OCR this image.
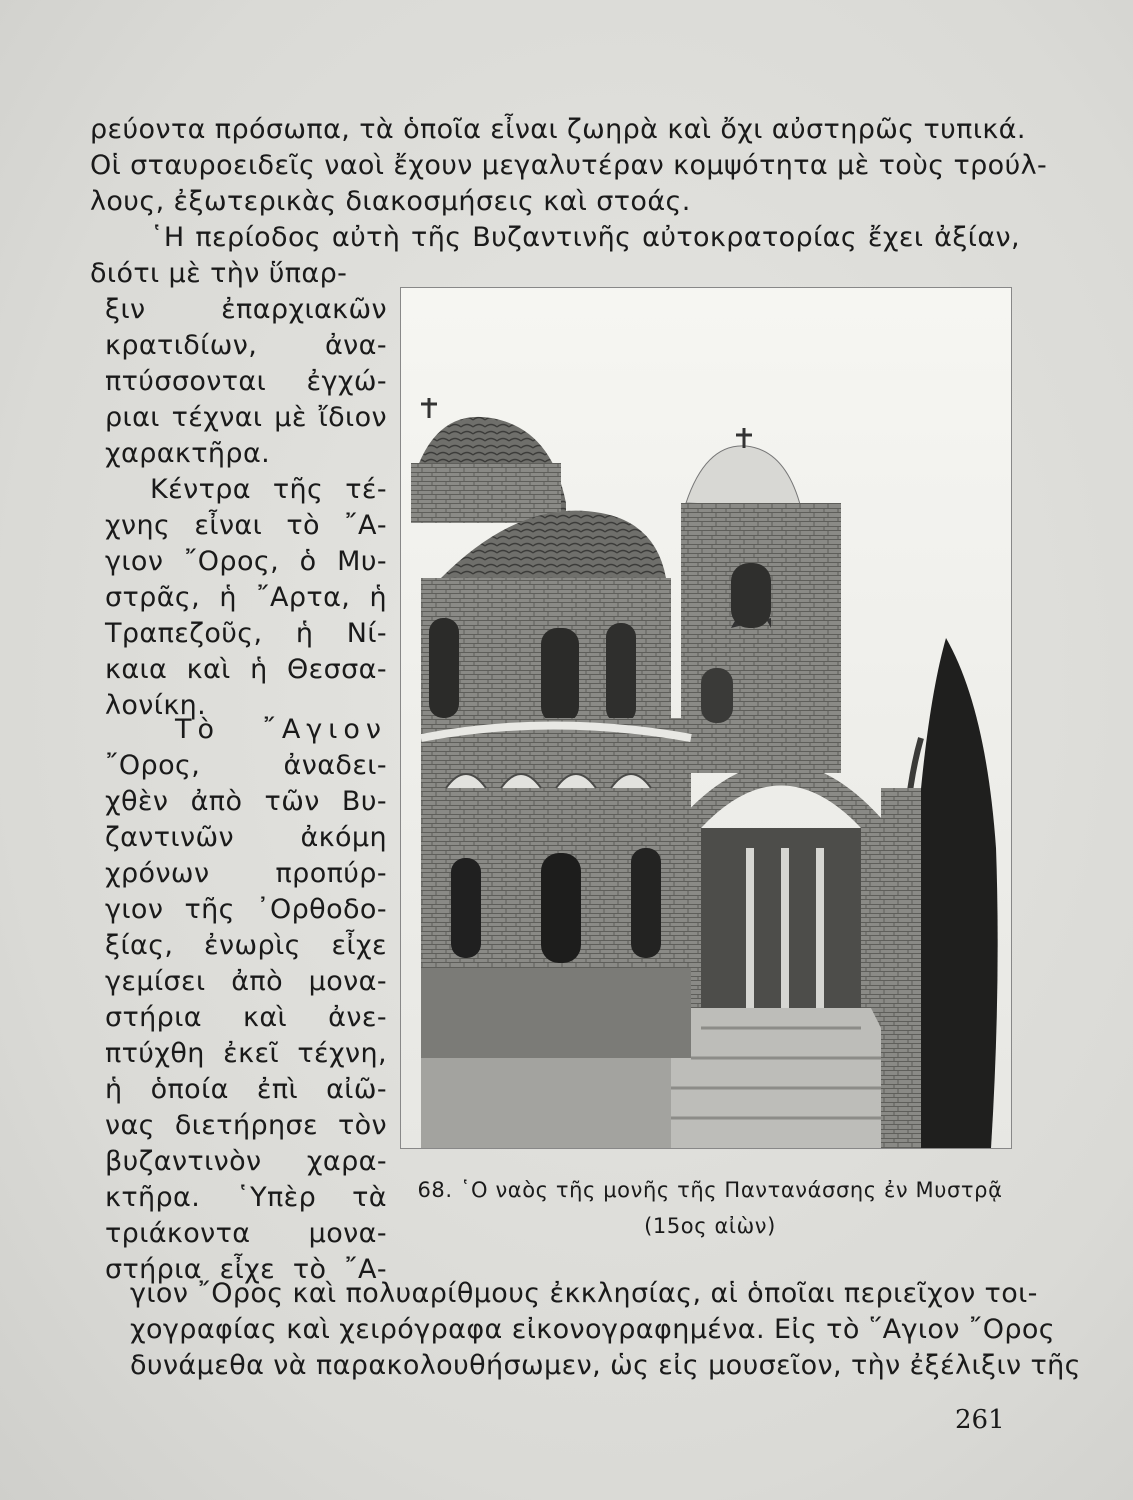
ρεύοντα πρόσωπα, τὰ ὁποῖα εἶναι ζωηρὰ καὶ ὄχι αὐστηρῶς τυπικά.

Οἱ σταυροειδεῖς ναοὶ ἔχουν μεγαλυτέραν κομψότητα μὲ τοὺς τρούλ-

λους, ἐξωτερικὰς διακοσμήσεις καὶ στοάς.

῾Η περίοδος αὐτὴ τῆς Βυζαντινῆς αὐτοκρατορίας ἔχει ἀξίαν,

διότι μὲ τὴν ὕπαρ-

ξιν ἐπαρχιακῶν

κρατιδίων, ἀνα-

πτύσσονται ἐγχώ-

ριαι τέχναι μὲ ἴδιον

χαρακτῆρα.

Κέντρα τῆς τέ-

χνης εἶναι τὸ ῎Α-

γιον ῎Ορος, ὁ Μυ-

στρᾶς, ἡ ῎Αρτα, ἡ

Τραπεζοῦς, ἡ Νί-

καια καὶ ἡ Θεσσα-

λονίκη.

Τὸ ῎Αγιον

῎Ορος, ἀναδει-

χθὲν ἀπὸ τῶν Βυ-

ζαντινῶν ἀκόμη

χρόνων προπύρ-

γιον τῆς ᾿Ορθοδο-

ξίας, ἐνωρὶς εἶχε

γεμίσει ἀπὸ μονα-

στήρια καὶ ἀνε-

πτύχθη ἐκεῖ τέχνη,

ἡ ὁποία ἐπὶ αἰῶ-

νας διετήρησε τὸν

βυζαντινὸν χαρα-

κτῆρα. ῾Υπὲρ τὰ

τριάκοντα μονα-

στήρια εἶχε τὸ ῎Α-

68. ῾Ο ναὸς τῆς μονῆς τῆς Παντανάσσης ἐν Μυστρᾷ

(15ος αἰὼν)

γιον ῎Ορος καὶ πολυαρίθμους ἐκκλησίας, αἱ ὁποῖαι περιεῖχον τοι-

χογραφίας καὶ χειρόγραφα εἰκονογραφημένα. Εἰς τὸ ῞Αγιον ῎Ορος

δυνάμεθα νὰ παρακολουθήσωμεν, ὡς εἰς μουσεῖον, τὴν ἐξέλιξιν τῆς

261
